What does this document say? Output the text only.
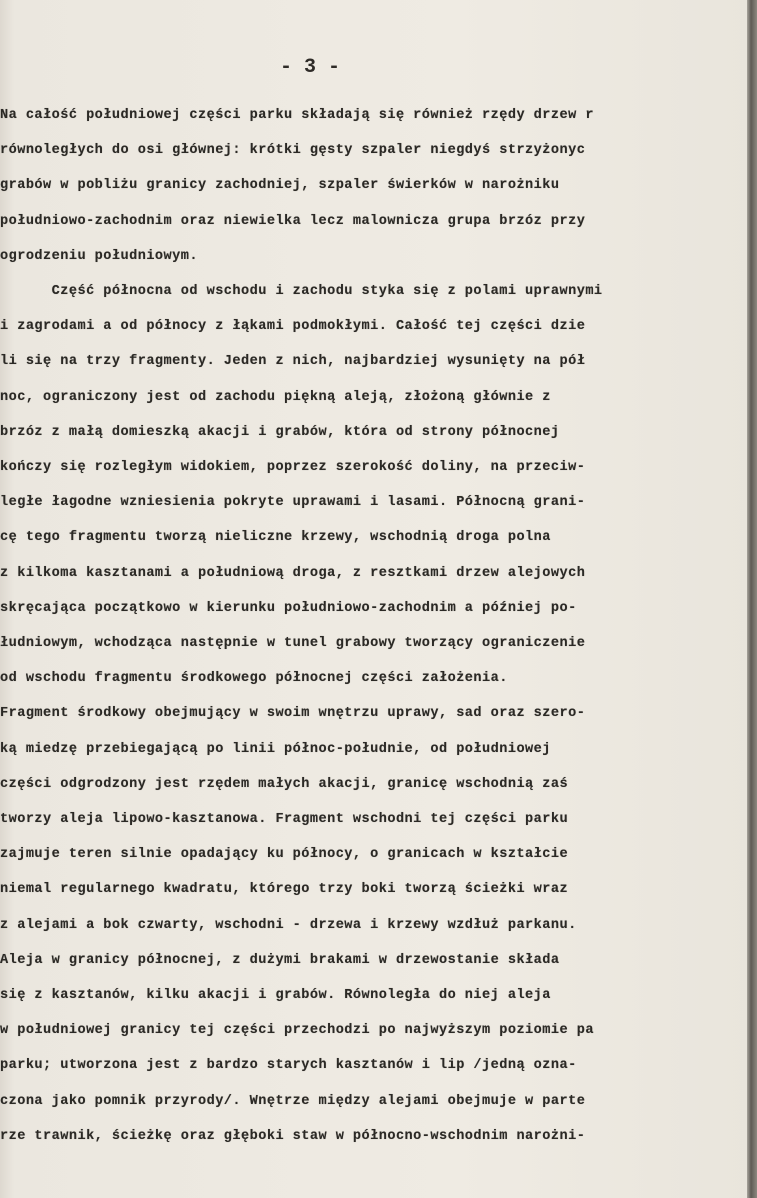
- 3 -
Na całość południowej części parku składają się również rzędy drzew r
równoległych do osi głównej: krótki gęsty szpaler niegdyś strzyżonyc
grabów w pobliżu granicy zachodniej, szpaler świerków w narożniku
południowo-zachodnim oraz niewielka lecz malownicza grupa brzóz przy
ogrodzeniu południowym.
Część północna od wschodu i zachodu styka się z polami uprawnymi
i zagrodami a od północy z łąkami podmokłymi. Całość tej części dzie
li się na trzy fragmenty. Jeden z nich, najbardziej wysunięty na pół
noc, ograniczony jest od zachodu piękną aleją, złożoną głównie z
brzóz z małą domieszką akacji i grabów, która od strony północnej
kończy się rozległym widokiem, poprzez szerokość doliny, na przeciw-
ległe łagodne wzniesienia pokryte uprawami i lasami. Północną grani-
cę tego fragmentu tworzą nieliczne krzewy, wschodnią droga polna
z kilkoma kasztanami a południową droga, z resztkami drzew alejowych
skręcająca początkowo w kierunku południowo-zachodnim a później po-
łudniowym, wchodząca następnie w tunel grabowy tworzący ograniczenie
od wschodu fragmentu środkowego północnej części założenia.
Fragment środkowy obejmujący w swoim wnętrzu uprawy, sad oraz szero-
ką miedzę przebiegającą po linii północ-południe, od południowej
części odgrodzony jest rzędem małych akacji, granicę wschodnią zaś
tworzy aleja lipowo-kasztanowa. Fragment wschodni tej części parku
zajmuje teren silnie opadający ku północy, o granicach w kształcie
niemal regularnego kwadratu, którego trzy boki tworzą ścieżki wraz
z alejami a bok czwarty, wschodni - drzewa i krzewy wzdłuż parkanu.
Aleja w granicy północnej, z dużymi brakami w drzewostanie składa
się z kasztanów, kilku akacji i grabów. Równoległa do niej aleja
w południowej granicy tej części przechodzi po najwyższym poziomie pa
parku; utworzona jest z bardzo starych kasztanów i lip /jedną ozna-
czona jako pomnik przyrody/. Wnętrze między alejami obejmuje w parte
rze trawnik, ścieżkę oraz głęboki staw w północno-wschodnim narożni-
